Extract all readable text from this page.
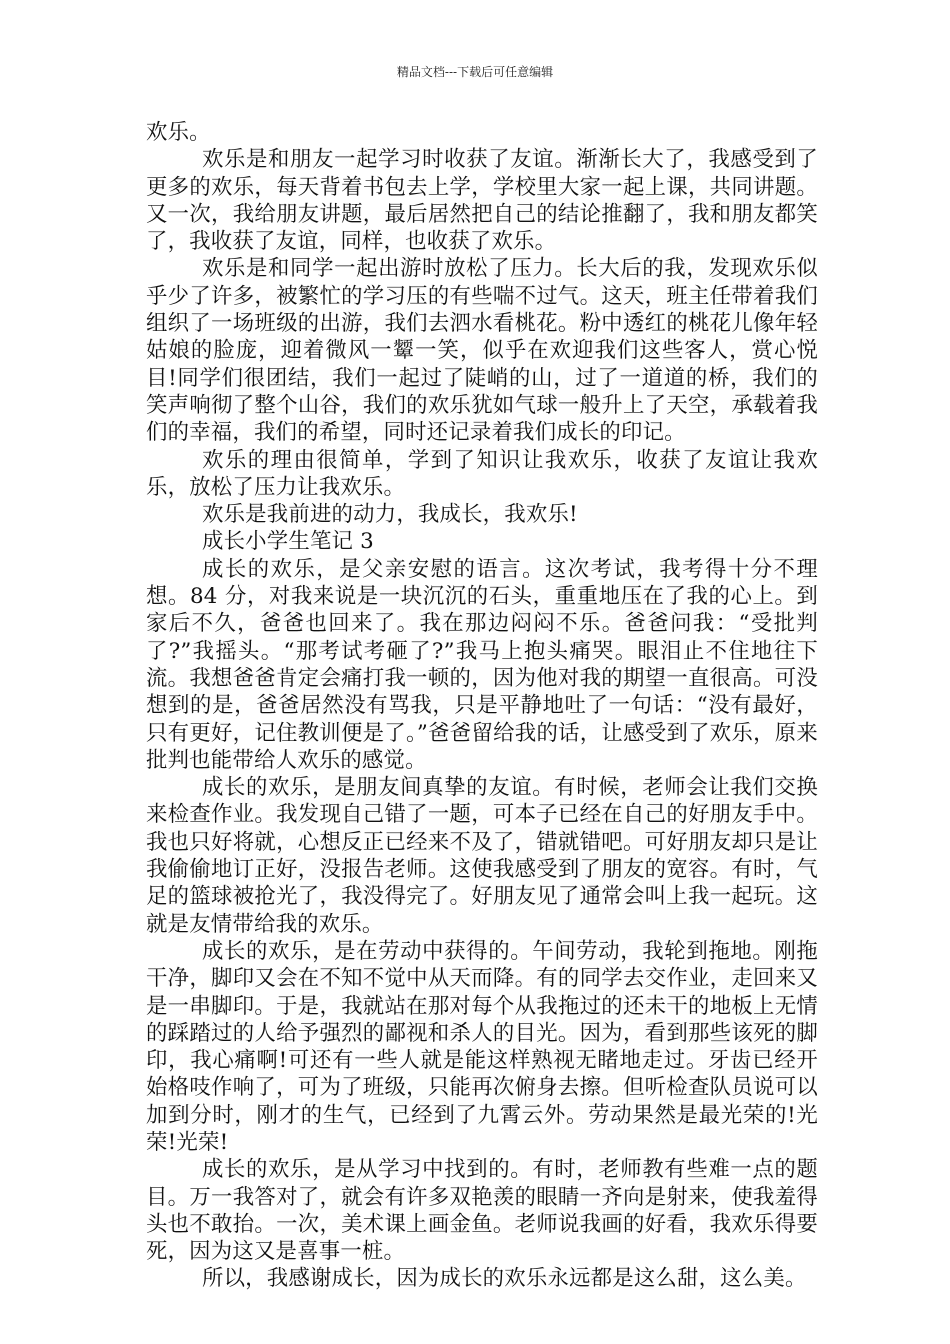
精品文档---下载后可任意编辑

欢乐。

欢乐是和朋友一起学习时收获了友谊。渐渐长大了，我感受到了更多的欢乐，每天背着书包去上学，学校里大家一起上课，共同讲题。又一次，我给朋友讲题，最后居然把自己的结论推翻了，我和朋友都笑了，我收获了友谊，同样，也收获了欢乐。

欢乐是和同学一起出游时放松了压力。长大后的我，发现欢乐似乎少了许多，被繁忙的学习压的有些喘不过气。这天，班主任带着我们组织了一场班级的出游，我们去泗水看桃花。粉中透红的桃花儿像年轻姑娘的脸庞，迎着微风一颦一笑，似乎在欢迎我们这些客人，赏心悦目!同学们很团结，我们一起过了陡峭的山，过了一道道的桥，我们的笑声响彻了整个山谷，我们的欢乐犹如气球一般升上了天空，承载着我们的幸福，我们的希望，同时还记录着我们成长的印记。

欢乐的理由很简单，学到了知识让我欢乐，收获了友谊让我欢乐，放松了压力让我欢乐。

欢乐是我前进的动力，我成长，我欢乐!

成长小学生笔记 3

成长的欢乐，是父亲安慰的语言。这次考试，我考得十分不理想。84 分，对我来说是一块沉沉的石头，重重地压在了我的心上。到家后不久，爸爸也回来了。我在那边闷闷不乐。爸爸问我：“受批判了?”我摇头。“那考试考砸了?”我马上抱头痛哭。眼泪止不住地往下流。我想爸爸肯定会痛打我一顿的，因为他对我的期望一直很高。可没想到的是，爸爸居然没有骂我，只是平静地吐了一句话：“没有最好，只有更好，记住教训便是了。”爸爸留给我的话，让感受到了欢乐，原来批判也能带给人欢乐的感觉。

成长的欢乐，是朋友间真挚的友谊。有时候，老师会让我们交换来检查作业。我发现自己错了一题，可本子已经在自己的好朋友手中。我也只好将就，心想反正已经来不及了，错就错吧。可好朋友却只是让我偷偷地订正好，没报告老师。这使我感受到了朋友的宽容。有时，气足的篮球被抢光了，我没得完了。好朋友见了通常会叫上我一起玩。这就是友情带给我的欢乐。

成长的欢乐，是在劳动中获得的。午间劳动，我轮到拖地。刚拖干净，脚印又会在不知不觉中从天而降。有的同学去交作业，走回来又是一串脚印。于是，我就站在那对每个从我拖过的还未干的地板上无情的踩踏过的人给予强烈的鄙视和杀人的目光。因为，看到那些该死的脚印，我心痛啊!可还有一些人就是能这样熟视无睹地走过。牙齿已经开始格吱作响了，可为了班级，只能再次俯身去擦。但听检查队员说可以加到分时，刚才的生气，已经到了九霄云外。劳动果然是最光荣的!光荣!光荣!

成长的欢乐，是从学习中找到的。有时，老师教有些难一点的题目。万一我答对了，就会有许多双艳羡的眼睛一齐向是射来，使我羞得头也不敢抬。一次，美术课上画金鱼。老师说我画的好看，我欢乐得要死，因为这又是喜事一桩。

所以，我感谢成长，因为成长的欢乐永远都是这么甜，这么美。
